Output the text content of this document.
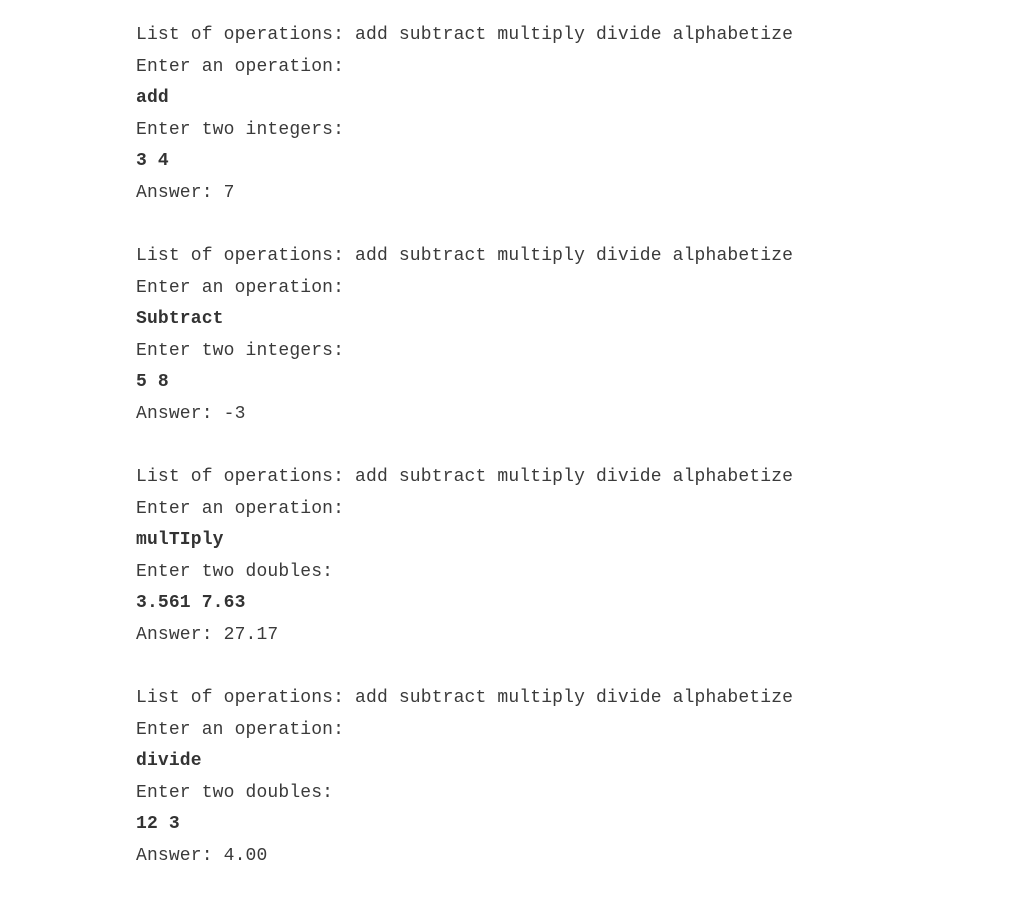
List of operations: add subtract multiply divide alphabetize
Enter an operation:
add
Enter two integers:
3 4
Answer: 7
List of operations: add subtract multiply divide alphabetize
Enter an operation:
Subtract
Enter two integers:
5 8
Answer: -3
List of operations: add subtract multiply divide alphabetize
Enter an operation:
mulTIply
Enter two doubles:
3.561 7.63
Answer: 27.17
List of operations: add subtract multiply divide alphabetize
Enter an operation:
divide
Enter two doubles:
12 3
Answer: 4.00
